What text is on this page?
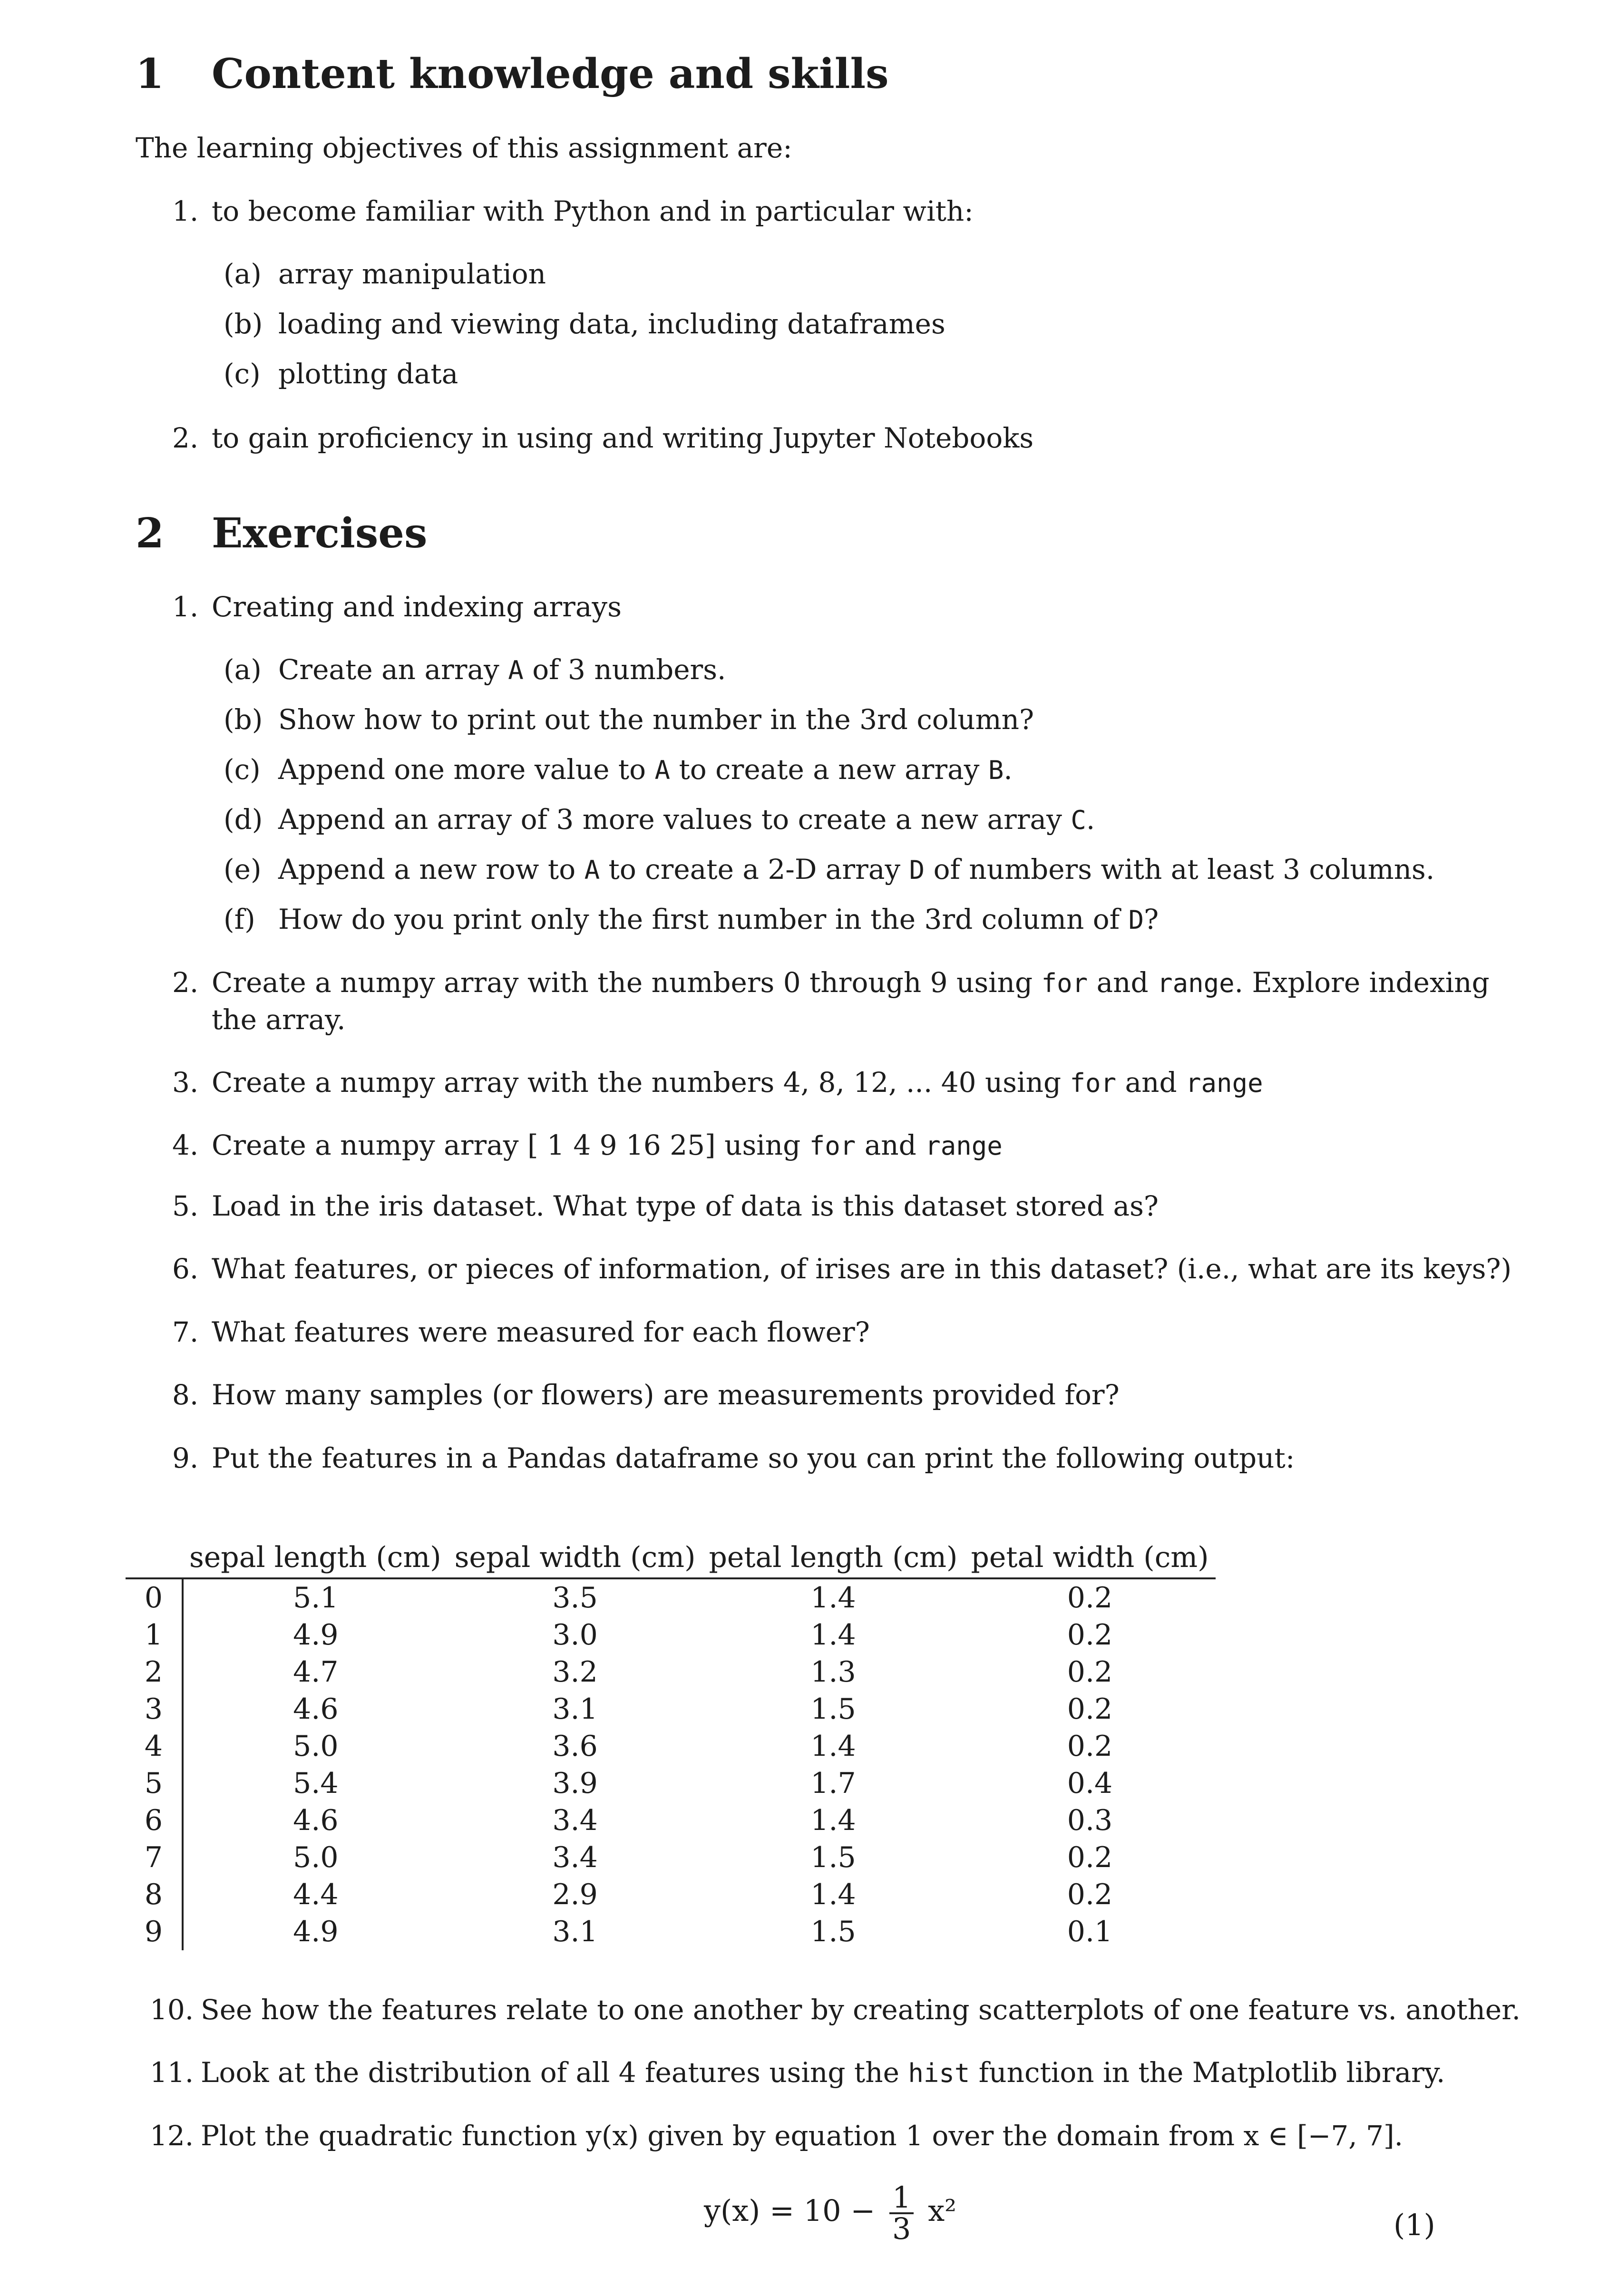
1 Content knowledge and skills
The learning objectives of this assignment are:
1. to become familiar with Python and in particular with:
(a) array manipulation
(b) loading and viewing data, including dataframes
(c) plotting data
2. to gain proficiency in using and writing Jupyter Notebooks
2 Exercises
1. Creating and indexing arrays
(a) Create an array A of 3 numbers.
(b) Show how to print out the number in the 3rd column?
(c) Append one more value to A to create a new array B.
(d) Append an array of 3 more values to create a new array C.
(e) Append a new row to A to create a 2-D array D of numbers with at least 3 columns.
(f) How do you print only the first number in the 3rd column of D?
2. Create a numpy array with the numbers 0 through 9 using for and range. Explore indexing
the array.
3. Create a numpy array with the numbers 4, 8, 12, ... 40 using for and range
4. Create a numpy array [ 1 4 9 16 25] using for and range
5. Load in the iris dataset. What type of data is this dataset stored as?
6. What features, or pieces of information, of irises are in this dataset? (i.e., what are its keys?)
7. What features were measured for each flower?
8. How many samples (or flowers) are measurements provided for?
9. Put the features in a Pandas dataframe so you can print the following output:
	sepal length (cm)	sepal width (cm)	petal length (cm)	petal width (cm)
0	5.1	3.5	1.4	0.2
1	4.9	3.0	1.4	0.2
2	4.7	3.2	1.3	0.2
3	4.6	3.1	1.5	0.2
4	5.0	3.6	1.4	0.2
5	5.4	3.9	1.7	0.4
6	4.6	3.4	1.4	0.3
7	5.0	3.4	1.5	0.2
8	4.4	2.9	1.4	0.2
9	4.9	3.1	1.5	0.1
10. See how the features relate to one another by creating scatterplots of one feature vs. another.
11. Look at the distribution of all 4 features using the hist function in the Matplotlib library.
12. Plot the quadratic function y(x) given by equation 1 over the domain from x ∈ [−7, 7].
$y(x) = 10 - \frac{1}{3} x^2$	(1)
